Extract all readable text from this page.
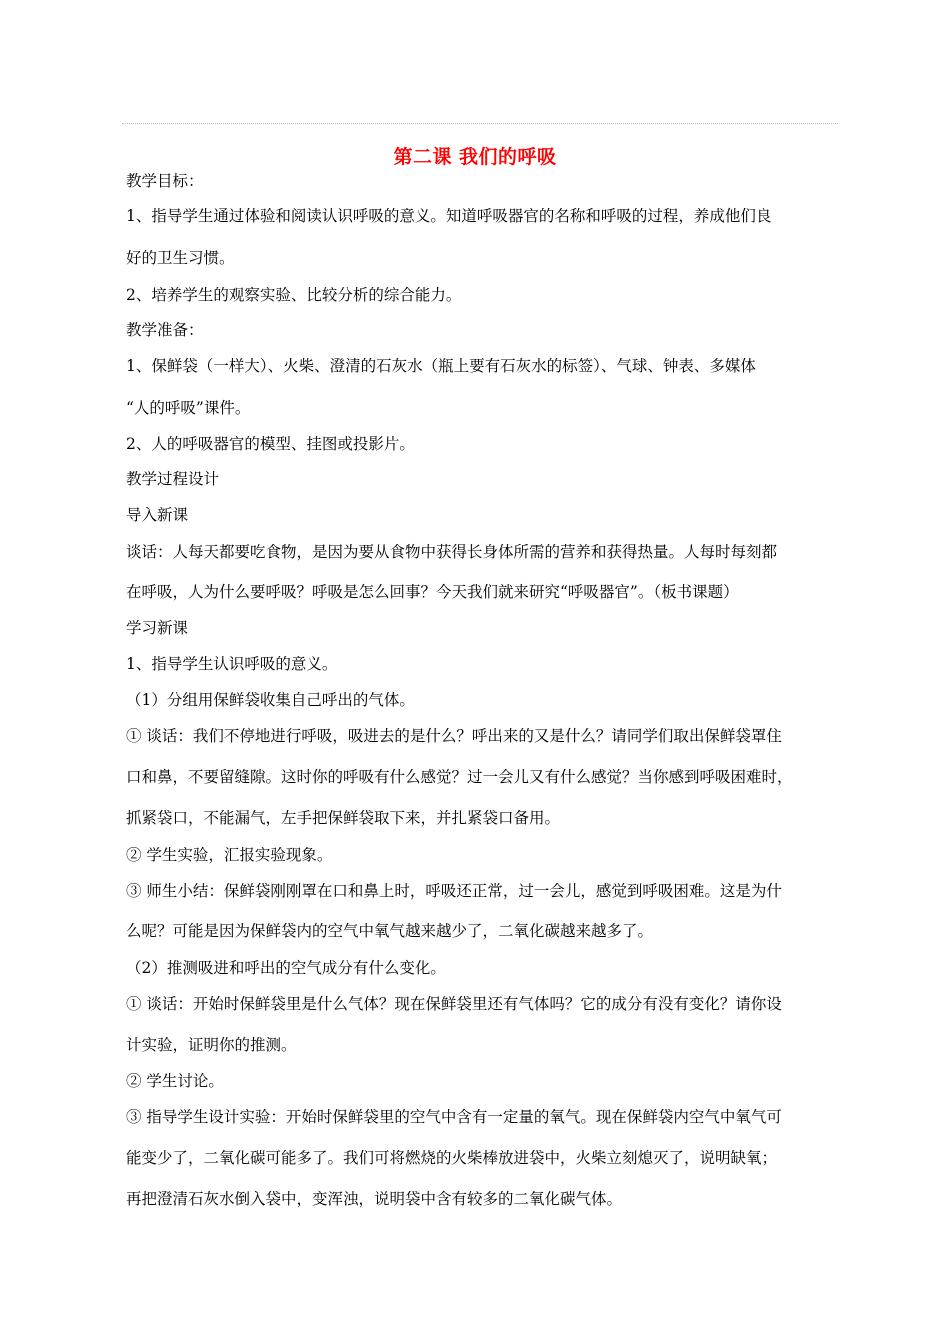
第二课 我们的呼吸
教学目标：
1、指导学生通过体验和阅读认识呼吸的意义。知道呼吸器官的名称和呼吸的过程，养成他们良
好的卫生习惯。
2、培养学生的观察实验、比较分析的综合能力。
教学准备：
1、保鲜袋（一样大）、火柴、澄清的石灰水（瓶上要有石灰水的标签）、气球、钟表、多媒体
“人的呼吸”课件。
2、人的呼吸器官的模型、挂图或投影片。
教学过程设计
导入新课
谈话：人每天都要吃食物，是因为要从食物中获得长身体所需的营养和获得热量。人每时每刻都
在呼吸，人为什么要呼吸？呼吸是怎么回事？今天我们就来研究“呼吸器官”。（板书课题）
学习新课
1、指导学生认识呼吸的意义。
（1）分组用保鲜袋收集自己呼出的气体。
① 谈话：我们不停地进行呼吸，吸进去的是什么？呼出来的又是什么？请同学们取出保鲜袋罩住
口和鼻，不要留缝隙。这时你的呼吸有什么感觉？过一会儿又有什么感觉？当你感到呼吸困难时，
抓紧袋口，不能漏气，左手把保鲜袋取下来，并扎紧袋口备用。
② 学生实验，汇报实验现象。
③ 师生小结：保鲜袋刚刚罩在口和鼻上时，呼吸还正常，过一会儿，感觉到呼吸困难。这是为什
么呢？可能是因为保鲜袋内的空气中氧气越来越少了，二氧化碳越来越多了。
（2）推测吸进和呼出的空气成分有什么变化。
① 谈话：开始时保鲜袋里是什么气体？现在保鲜袋里还有气体吗？它的成分有没有变化？请你设
计实验，证明你的推测。
② 学生讨论。
③ 指导学生设计实验：开始时保鲜袋里的空气中含有一定量的氧气。现在保鲜袋内空气中氧气可
能变少了，二氧化碳可能多了。我们可将燃烧的火柴棒放进袋中，火柴立刻熄灭了，说明缺氧；
再把澄清石灰水倒入袋中，变浑浊，说明袋中含有较多的二氧化碳气体。
